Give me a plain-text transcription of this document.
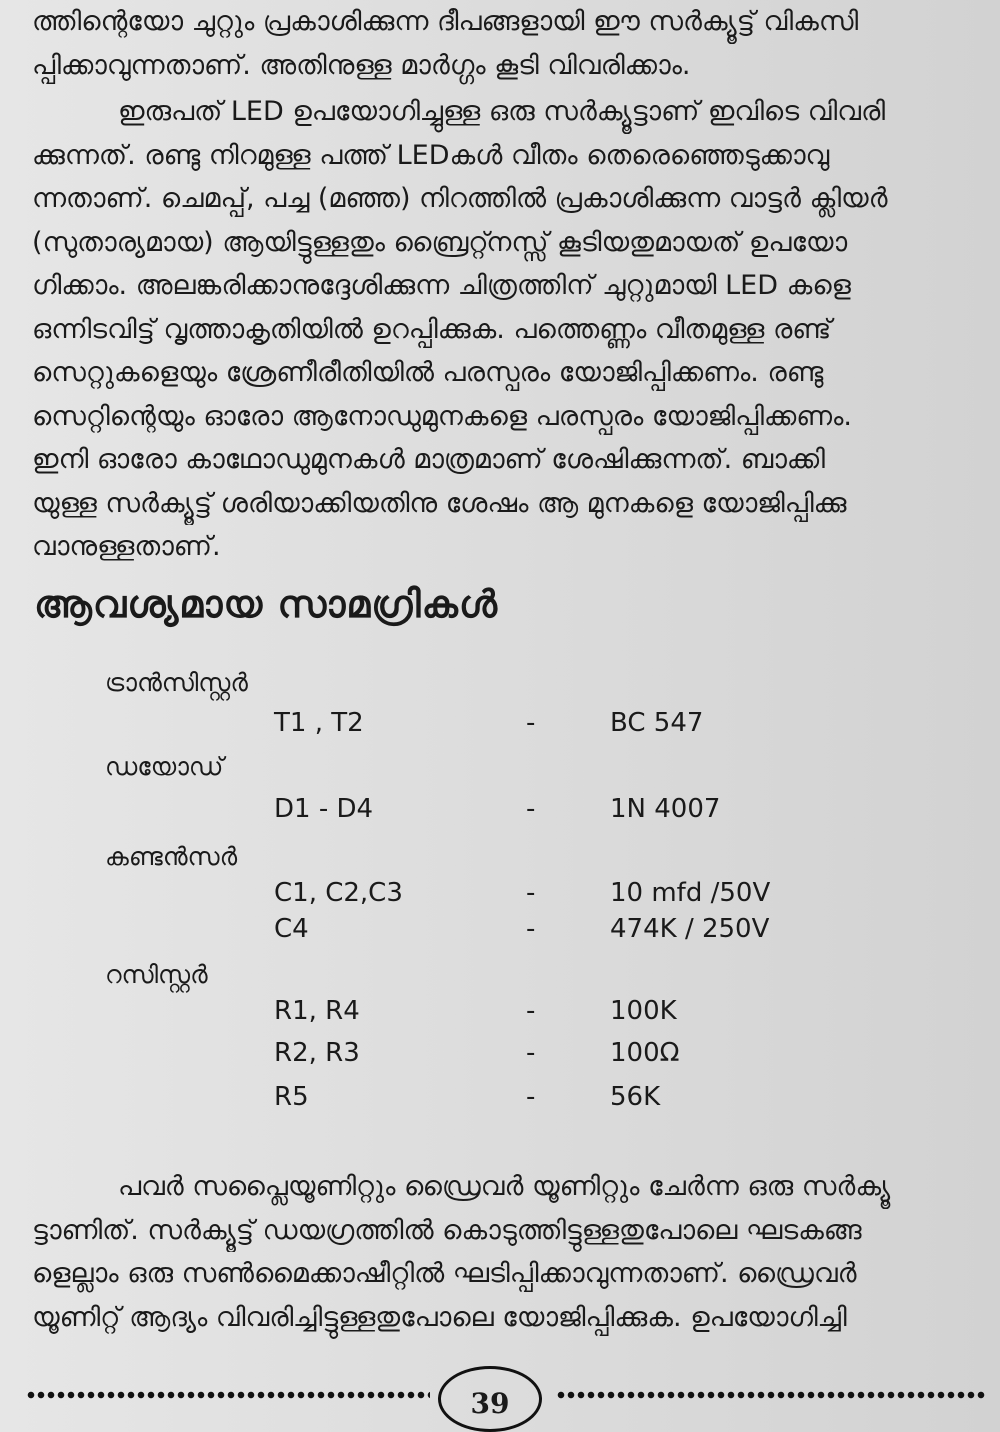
ത്തിന്റെയോ ചുറ്റും പ്രകാശിക്കുന്ന ദീപങ്ങളായി ഈ സർക്യൂട്ട് വികസി
പ്പിക്കാവുന്നതാണ്. അതിനുള്ള മാർഗ്ഗം കൂടി വിവരിക്കാം.
ഇരുപത് LED ഉപയോഗിച്ചുള്ള ഒരു സർക്യൂട്ടാണ് ഇവിടെ വിവരി
ക്കുന്നത്. രണ്ടു നിറമുള്ള പത്ത് LEDകൾ വീതം തെരെഞ്ഞെടുക്കാവു
ന്നതാണ്. ചെമപ്പ്, പച്ച (മഞ്ഞ) നിറത്തിൽ പ്രകാശിക്കുന്ന വാട്ടർ ക്ലിയർ
(സുതാര്യമായ) ആയിട്ടുള്ളതും ബ്രൈറ്റ്നസ്സ് കൂടിയതുമായത് ഉപയോ
ഗിക്കാം. അലങ്കരിക്കാനുദ്ദേശിക്കുന്ന ചിത്രത്തിന് ചുറ്റുമായി LED കളെ
ഒന്നിടവിട്ട് വൃത്താകൃതിയിൽ ഉറപ്പിക്കുക. പത്തെണ്ണം വീതമുള്ള രണ്ട്
സെറ്റുകളെയും ശ്രേണീരീതിയിൽ പരസ്പരം യോജിപ്പിക്കണം. രണ്ടു
സെറ്റിന്റെയും ഓരോ ആനോഡുമുനകളെ പരസ്പരം യോജിപ്പിക്കണം.
ഇനി ഓരോ കാഥോഡുമുനകൾ മാത്രമാണ് ശേഷിക്കുന്നത്. ബാക്കി
യുള്ള സർക്യൂട്ട് ശരിയാക്കിയതിനു ശേഷം ആ മുനകളെ യോജിപ്പിക്കു
വാനുള്ളതാണ്.
ആവശ്യമായ സാമഗ്രികൾ
ട്രാൻസിസ്റ്റർ
T1 , T2	-	BC 547
ഡയോഡ്
D1 - D4	-	1N 4007
കണ്ടൻസർ
C1, C2,C3	-	10 mfd /50V
C4	-	474K / 250V
റസിസ്റ്റർ
R1, R4	-	100K
R2, R3	-	100Ω
R5	-	56K
പവർ സപ്ലൈയൂണിറ്റും ഡ്രൈവർ യൂണിറ്റും ചേർന്ന ഒരു സർക്യൂ
ട്ടാണിത്. സർക്യൂട്ട് ഡയഗ്രത്തിൽ കൊടുത്തിട്ടുള്ളതുപോലെ ഘടകങ്ങ
ളെല്ലാം ഒരു സൺമൈക്കാഷീറ്റിൽ ഘടിപ്പിക്കാവുന്നതാണ്. ഡ്രൈവർ
യൂണിറ്റ് ആദ്യം വിവരിച്ചിട്ടുള്ളതുപോലെ യോജിപ്പിക്കുക. ഉപയോഗിച്ചി
39
